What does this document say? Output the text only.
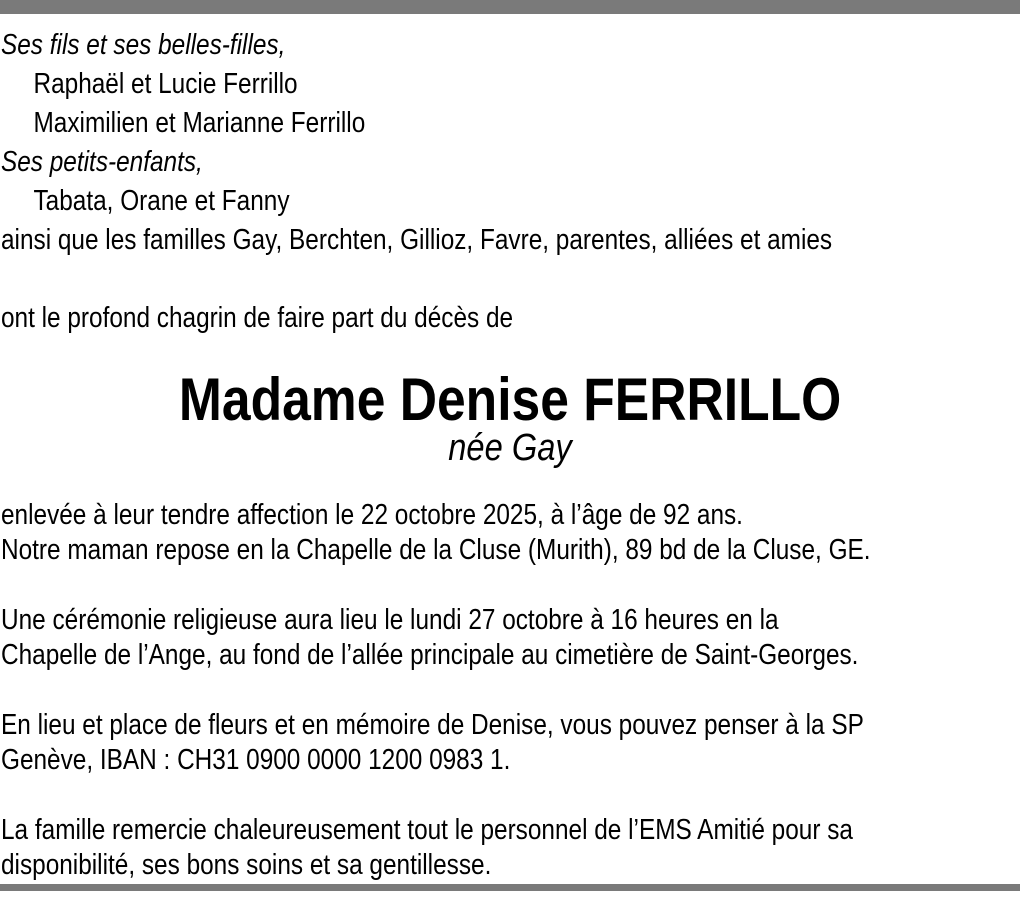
Ses fils et ses belles-filles,
Raphaël et Lucie Ferrillo
Maximilien et Marianne Ferrillo
Ses petits-enfants,
Tabata, Orane et Fanny
ainsi que les familles Gay, Berchten, Gillioz, Favre, parentes, alliées et amies
ont le profond chagrin de faire part du décès de
Madame Denise FERRILLO
née Gay
enlevée à leur tendre affection le 22 octobre 2025, à l’âge de 92 ans.
Notre maman repose en la Chapelle de la Cluse (Murith), 89 bd de la Cluse, GE.
Une cérémonie religieuse aura lieu le lundi 27 octobre à 16 heures en la
Chapelle de l’Ange, au fond de l’allée principale au cimetière de Saint-Georges.
En lieu et place de fleurs et en mémoire de Denise, vous pouvez penser à la SP
Genève, IBAN : CH31 0900 0000 1200 0983 1.
La famille remercie chaleureusement tout le personnel de l’EMS Amitié pour sa
disponibilité, ses bons soins et sa gentillesse.
